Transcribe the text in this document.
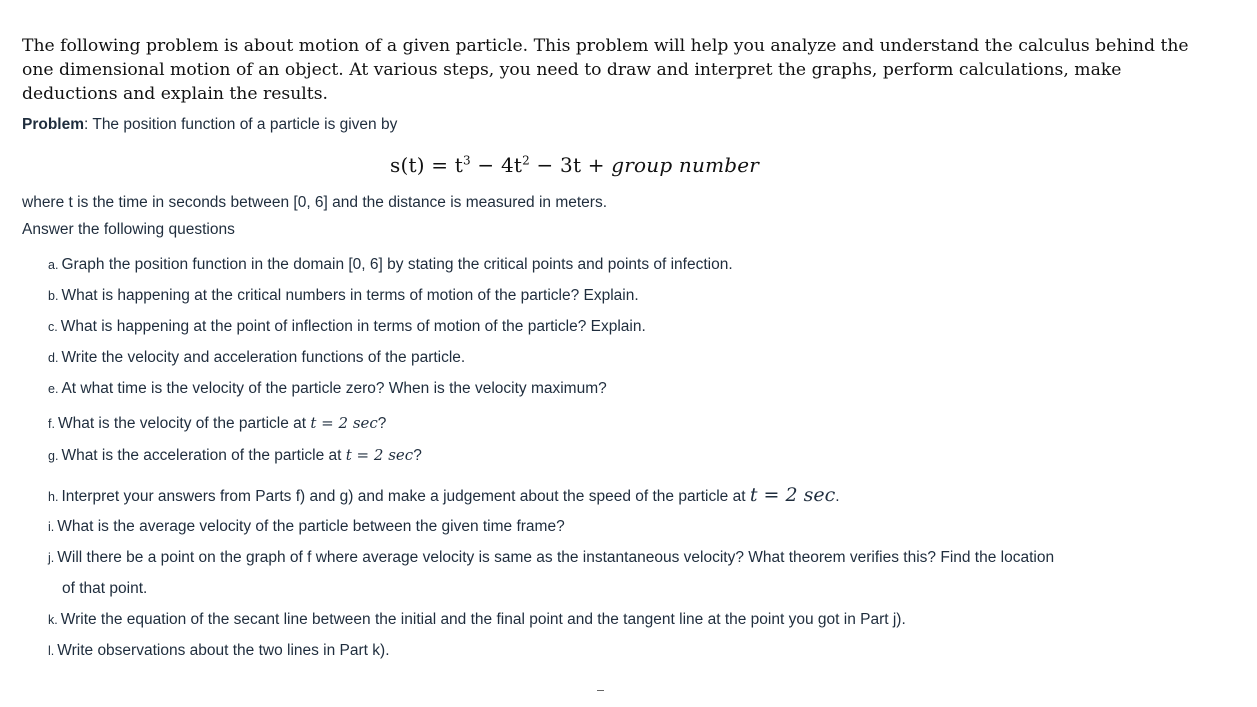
The following problem is about motion of a given particle. This problem will help you analyze and understand the calculus behind the one dimensional motion of an object. At various steps, you need to draw and interpret the graphs, perform calculations, make deductions and explain the results.

Problem: The position function of a particle is given by

$s(t) = t^3 - 4t^2 - 3t$ + group number

where t is the time in seconds between [0, 6] and the distance is measured in meters.

Answer the following questions

a. Graph the position function in the domain [0, 6] by stating the critical points and points of infection.

b. What is happening at the critical numbers in terms of motion of the particle? Explain.

c. What is happening at the point of inflection in terms of motion of the particle? Explain.

d. Write the velocity and acceleration functions of the particle.

e. At what time is the velocity of the particle zero? When is the velocity maximum?

f. What is the velocity of the particle at t = 2 sec?

g. What is the acceleration of the particle at t = 2 sec?

h. Interpret your answers from Parts f) and g) and make a judgement about the speed of the particle at t = 2 sec.

i. What is the average velocity of the particle between the given time frame?

j. Will there be a point on the graph of f where average velocity is same as the instantaneous velocity? What theorem verifies this? Find the location

of that point.

k. Write the equation of the secant line between the initial and the final point and the tangent line at the point you got in Part j).

l. Write observations about the two lines in Part k).
